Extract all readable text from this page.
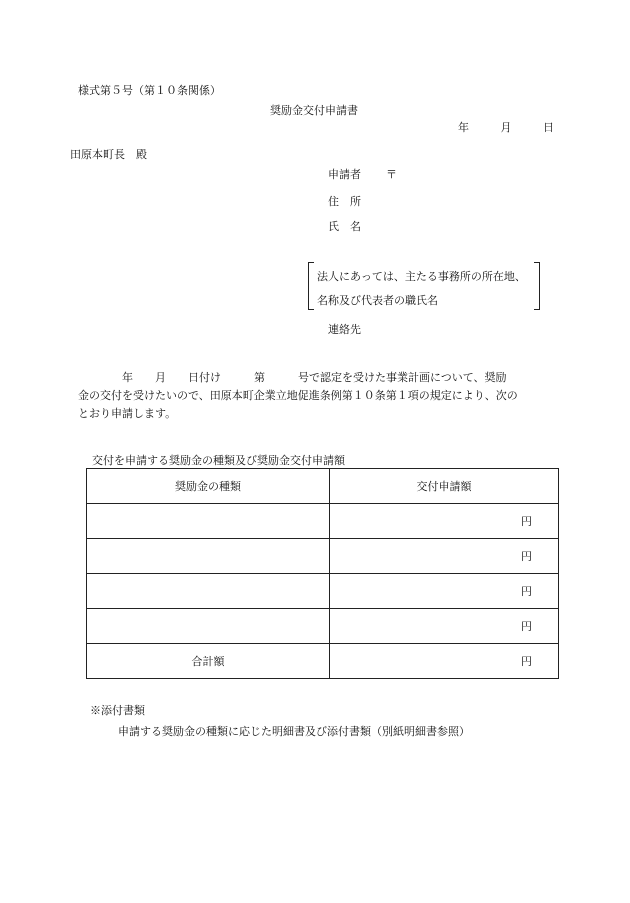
様式第５号（第１０条関係）
奨励金交付申請書
年	月	日
田原本町長　殿
申請者 〒
住　所
氏　名
法人にあっては、主たる事務所の所在地、
名称及び代表者の職氏名
連絡先

　　　　年　　月　　日付け　　　第　　　号で認定を受けた事業計画について、奨励

金の交付を受けたいので、田原本町企業立地促進条例第１０条第１項の規定により、次の

とおり申請します。

交付を申請する奨励金の種類及び奨励金交付申請額
奨励金の種類	交付申請額
	円
	円
	円
	円
合計額	円
※添付書類
申請する奨励金の種類に応じた明細書及び添付書類（別紙明細書参照）
